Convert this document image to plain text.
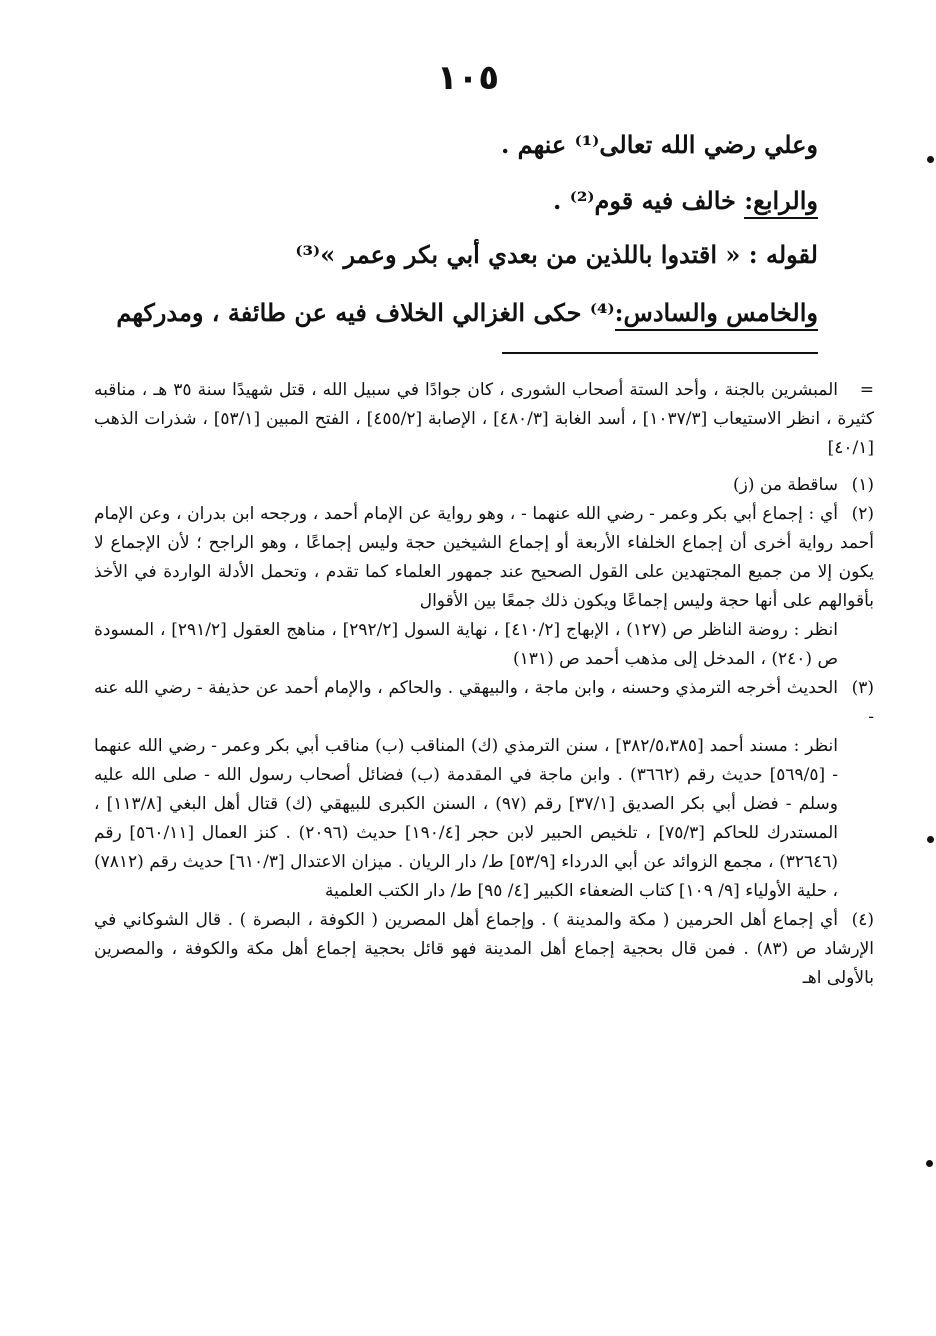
١٠٥
وعلي رضي الله تعالى⁽¹⁾ عنهم .
والرابع: خالف فيه قوم⁽²⁾ .
لقوله : « اقتدوا باللذين من بعدي أبي بكر وعمر »⁽³⁾
والخامس والسادس:⁽⁴⁾ حكى الغزالي الخلاف فيه عن طائفة ، ومدركهم

=
المبشرين بالجنة ، وأحد الستة أصحاب الشورى ، كان جوادًا في سبيل الله ، قتل شهيدًا سنة ٣٥ هـ ، مناقبه كثيرة ، انظر الاستيعاب [١٠٣٧/٣] ، أسد الغابة [٤٨٠/٣] ، الإصابة [٤٥٥/٢] ، الفتح المبين [٥٣/١] ، شذرات الذهب [٤٠/١]

(١)
ساقطة من (ز)

(٢)
أي : إجماع أبي بكر وعمر - رضي الله عنهما - ، وهو رواية عن الإمام أحمد ، ورجحه ابن بدران ، وعن الإمام أحمد رواية أخرى أن إجماع الخلفاء الأربعة أو إجماع الشيخين حجة وليس إجماعًا ، وهو الراجح ؛ لأن الإجماع لا يكون إلا من جميع المجتهدين على القول الصحيح عند جمهور العلماء كما تقدم ، وتحمل الأدلة الواردة في الأخذ بأقوالهم على أنها حجة وليس إجماعًا ويكون ذلك جمعًا بين الأقوال

انظر : روضة الناظر ص (١٢٧) ، الإبهاج [٤١٠/٢] ، نهاية السول [٢٩٢/٢] ، مناهج العقول [٢٩١/٢] ، المسودة ص (٢٤٠) ، المدخل إلى مذهب أحمد ص (١٣١)

(٣)
الحديث أخرجه الترمذي وحسنه ، وابن ماجة ، والبيهقي . والحاكم ، والإمام أحمد عن حذيفة - رضي الله عنه -

انظر : مسند أحمد [٣٨٢/٥،٣٨٥] ، سنن الترمذي (ك) المناقب (ب) مناقب أبي بكر وعمر - رضي الله عنهما - [٥٦٩/٥] حديث رقم (٣٦٦٢) . وابن ماجة في المقدمة (ب) فضائل أصحاب رسول الله - صلى الله عليه وسلم - فضل أبي بكر الصديق [٣٧/١] رقم (٩٧) ، السنن الكبرى للبيهقي (ك) قتال أهل البغي [١١٣/٨] ، المستدرك للحاكم [٧٥/٣] ، تلخيص الحبير لابن حجر [١٩٠/٤] حديث (٢٠٩٦) . كنز العمال [٥٦٠/١١] رقم (٣٢٦٤٦) ، مجمع الزوائد عن أبي الدرداء [٥٣/٩] ط/ دار الريان . ميزان الاعتدال [٦١٠/٣] حديث رقم (٧٨١٢) ، حلية الأولياء [٩/ ١٠٩] كتاب الضعفاء الكبير [٤/ ٩٥] ط/ دار الكتب العلمية

(٤)
أي إجماع أهل الحرمين ( مكة والمدينة ) . وإجماع أهل المصرين ( الكوفة ، البصرة ) . قال الشوكاني في الإرشاد ص (٨٣) . فمن قال بحجية إجماع أهل المدينة فهو قائل بحجية إجماع أهل مكة والكوفة ، والمصرين بالأولى اهـ
